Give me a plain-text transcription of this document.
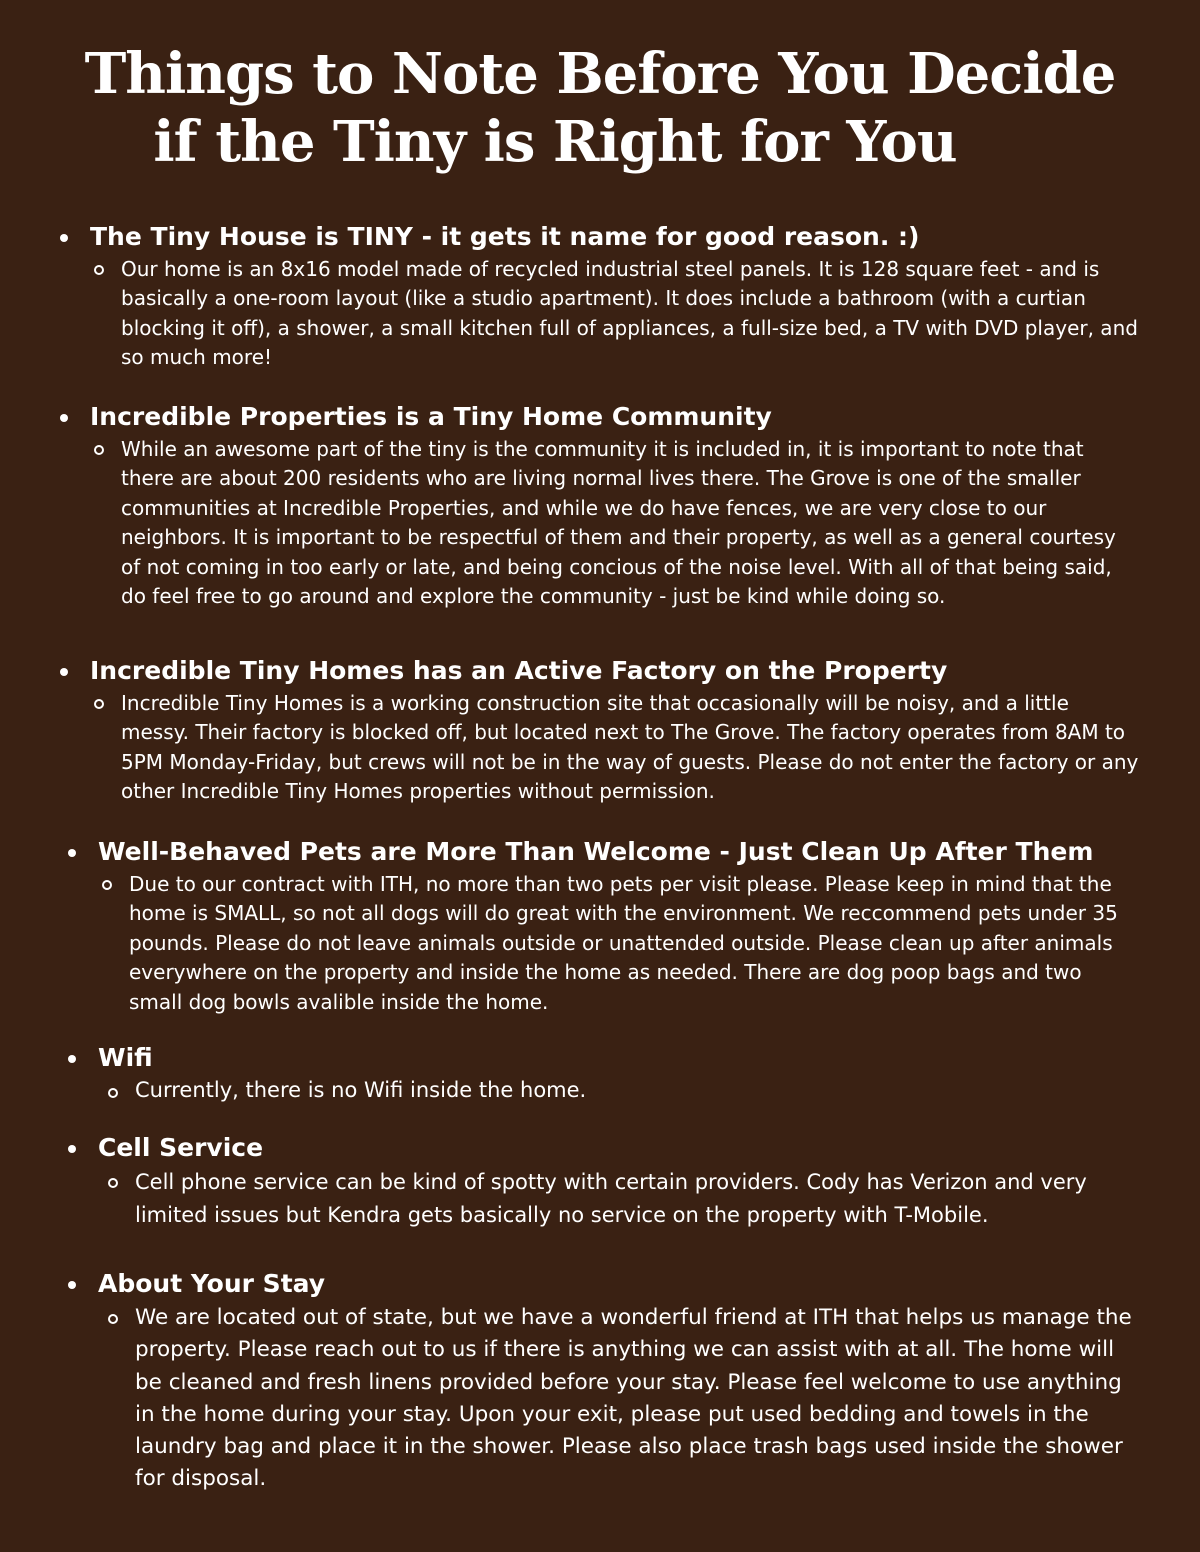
Things to Note Before You Decide
if the Tiny is Right for You

The Tiny House is TINY - it gets it name for good reason. :)

Our home is an 8x16 model made of recycled industrial steel panels. It is 128 square feet - and is basically a one-room layout (like a studio apartment). It does include a bathroom (with a curtian blocking it off), a shower, a small kitchen full of appliances, a full-size bed, a TV with DVD player, and so much more!

Incredible Properties is a Tiny Home Community

While an awesome part of the tiny is the community it is included in, it is important to note that there are about 200 residents who are living normal lives there. The Grove is one of the smaller communities at Incredible Properties, and while we do have fences, we are very close to our neighbors. It is important to be respectful of them and their property, as well as a general courtesy of not coming in too early or late, and being concious of the noise level. With all of that being said, do feel free to go around and explore the community - just be kind while doing so.

Incredible Tiny Homes has an Active Factory on the Property

Incredible Tiny Homes is a working construction site that occasionally will be noisy, and a little messy. Their factory is blocked off, but located next to The Grove. The factory operates from 8AM to 5PM Monday-Friday, but crews will not be in the way of guests. Please do not enter the factory or any other Incredible Tiny Homes properties without permission.

Well-Behaved Pets are More Than Welcome - Just Clean Up After Them

Due to our contract with ITH, no more than two pets per visit please. Please keep in mind that the home is SMALL, so not all dogs will do great with the environment. We reccommend pets under 35 pounds. Please do not leave animals outside or unattended outside. Please clean up after animals everywhere on the property and inside the home as needed. There are dog poop bags and two small dog bowls avalible inside the home.

Wifi

Currently, there is no Wifi inside the home.

Cell Service

Cell phone service can be kind of spotty with certain providers. Cody has Verizon and very limited issues but Kendra gets basically no service on the property with T-Mobile.

About Your Stay

We are located out of state, but we have a wonderful friend at ITH that helps us manage the property. Please reach out to us if there is anything we can assist with at all. The home will be cleaned and fresh linens provided before your stay. Please feel welcome to use anything in the home during your stay. Upon your exit, please put used bedding and towels in the laundry bag and place it in the shower. Please also place trash bags used inside the shower for disposal.
